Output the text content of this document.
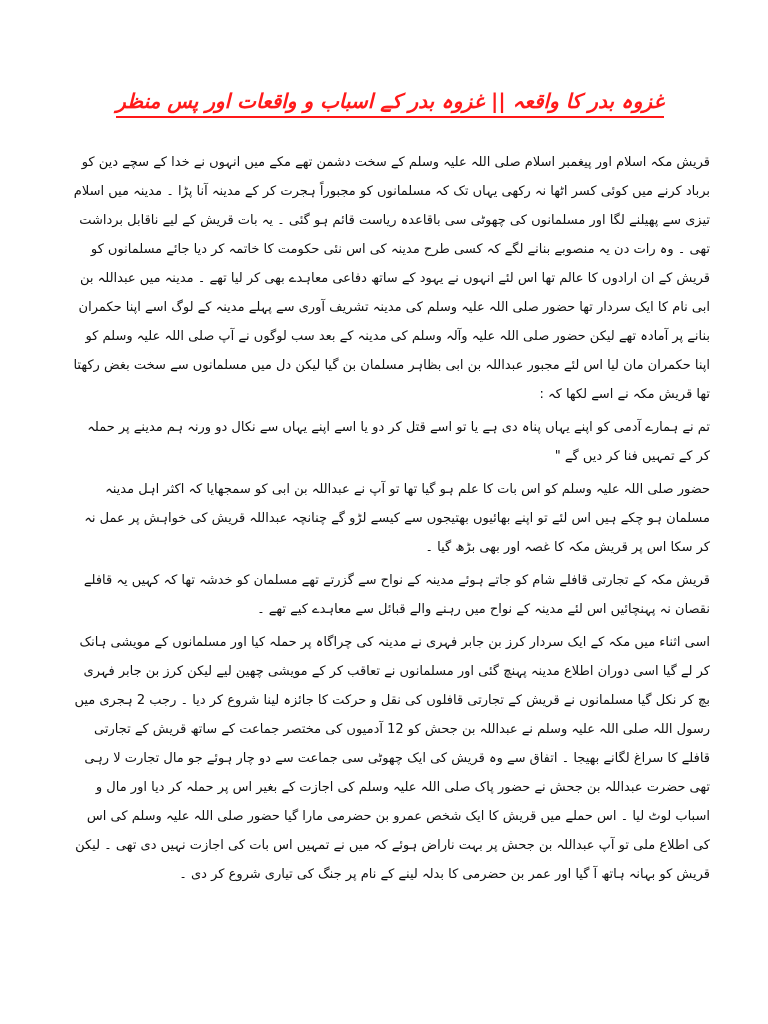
غزوہ بدر کا واقعہ || غزوہ بدر کے اسباب و واقعات اور پس منظر

قریش مکہ اسلام اور پیغمبر اسلام صلی اللہ علیہ وسلم کے سخت دشمن تھے مکے میں انہوں نے خدا کے سچے دین کو برباد کرنے میں کوئی کسر اٹھا نہ رکھی یہاں تک کہ مسلمانوں کو مجبوراً ہجرت کر کے مدینہ آنا پڑا ۔ مدینہ میں اسلام تیزی سے پھیلنے لگا اور مسلمانوں کی چھوٹی سی باقاعدہ ریاست قائم ہو گئی ۔ یہ بات قریش کے لیے ناقابل برداشت تھی ۔ وہ رات دن یہ منصوبے بنانے لگے کہ کسی طرح مدینہ کی اس نئی حکومت کا خاتمہ کر دیا جائے مسلمانوں کو قریش کے ان ارادوں کا عالم تھا اس لئے انہوں نے یہود کے ساتھ دفاعی معاہدے بھی کر لیا تھے ۔ مدینہ میں عبداللہ بن ابی نام کا ایک سردار تھا حضور صلی اللہ علیہ وسلم کی مدینہ تشریف آوری سے پہلے مدینہ کے لوگ اسے اپنا حکمران بنانے پر آمادہ تھے لیکن حضور صلی اللہ علیہ وآلہ وسلم کی مدینہ کے بعد سب لوگوں نے آپ صلی اللہ علیہ وسلم کو اپنا حکمران مان لیا اس لئے مجبور عبداللہ بن ابی بظاہر مسلمان بن گیا لیکن دل میں مسلمانوں سے سخت بغض رکھتا تھا قریش مکہ نے اسے لکھا کہ :

تم نے ہمارے آدمی کو اپنے یہاں پناہ دی ہے یا تو اسے قتل کر دو یا اسے اپنے یہاں سے نکال دو ورنہ ہم مدینے پر حملہ کر کے تمہیں فنا کر دیں گے "

حضور صلی اللہ علیہ وسلم کو اس بات کا علم ہو گیا تھا تو آپ نے عبداللہ بن ابی کو سمجھایا کہ اکثر اہل مدینہ مسلمان ہو چکے ہیں اس لئے تو اپنے بھائیوں بھتیجوں سے کیسے لڑو گے چنانچہ عبداللہ قریش کی خواہش پر عمل نہ کر سکا اس پر قریش مکہ کا غصہ اور بھی بڑھ گیا ۔

قریش مکہ کے تجارتی قافلے شام کو جاتے ہوئے مدینہ کے نواح سے گزرتے تھے مسلمان کو خدشہ تھا کہ کہیں یہ قافلے نقصان نہ پہنچائیں اس لئے مدینہ کے نواح میں رہنے والے قبائل سے معاہدے کیے تھے ۔

اسی اثناء میں مکہ کے ایک سردار کرز بن جابر فہری نے مدینہ کی چراگاہ پر حملہ کیا اور مسلمانوں کے مویشی ہانک کر لے گیا اسی دوران اطلاع مدینہ پہنچ گئی اور مسلمانوں نے تعاقب کر کے مویشی چھین لیے لیکن کرز بن جابر فہری بچ کر نکل گیا مسلمانوں نے قریش کے تجارتی قافلوں کی نقل و حرکت کا جائزہ لینا شروع کر دیا ۔ رجب 2 ہجری میں رسول اللہ صلی اللہ علیہ وسلم نے عبداللہ بن جحش کو 12 آدمیوں کی مختصر جماعت کے ساتھ قریش کے تجارتی قافلے کا سراغ لگانے بھیجا ۔ اتفاق سے وہ قریش کی ایک چھوٹی سی جماعت سے دو چار ہوئے جو مال تجارت لا رہی تھی حضرت عبداللہ بن جحش نے حضور پاک صلی اللہ علیہ وسلم کی اجازت کے بغیر اس پر حملہ کر دیا اور مال و اسباب لوٹ لیا ۔ اس حملے میں قریش کا ایک شخص عمرو بن حضرمی مارا گیا حضور صلی اللہ علیہ وسلم کی اس کی اطلاع ملی تو آپ عبداللہ بن جحش پر بہت ناراض ہوئے کہ میں نے تمہیں اس بات کی اجازت نہیں دی تھی ۔ لیکن قریش کو بہانہ ہاتھ آ گیا اور عمر بن حضرمی کا بدلہ لینے کے نام پر جنگ کی تیاری شروع کر دی ۔
